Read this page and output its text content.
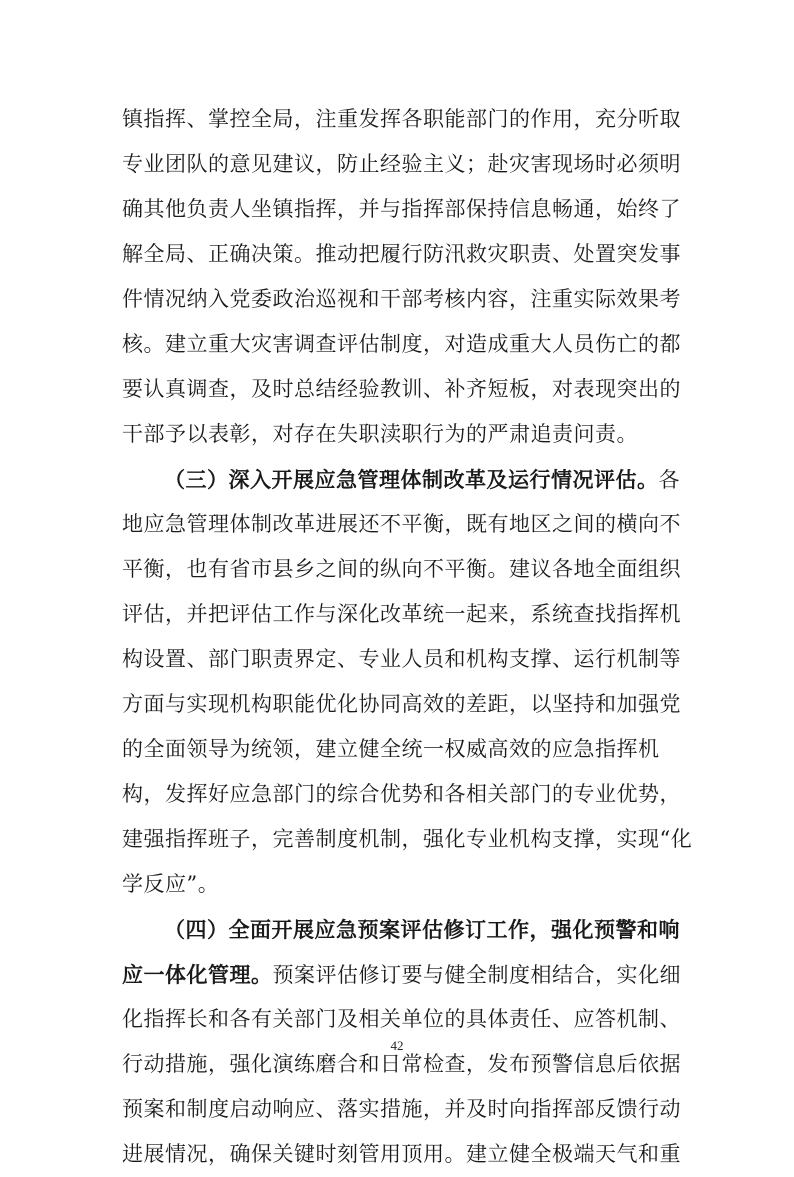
镇指挥、掌控全局，注重发挥各职能部门的作用，充分听取
专业团队的意见建议，防止经验主义；赴灾害现场时必须明
确其他负责人坐镇指挥，并与指挥部保持信息畅通，始终了
解全局、正确决策。推动把履行防汛救灾职责、处置突发事
件情况纳入党委政治巡视和干部考核内容，注重实际效果考
核。建立重大灾害调查评估制度，对造成重大人员伤亡的都
要认真调查，及时总结经验教训、补齐短板，对表现突出的
干部予以表彰，对存在失职渎职行为的严肃追责问责。
（三）深入开展应急管理体制改革及运行情况评估。各
地应急管理体制改革进展还不平衡，既有地区之间的横向不
平衡，也有省市县乡之间的纵向不平衡。建议各地全面组织
评估，并把评估工作与深化改革统一起来，系统查找指挥机
构设置、部门职责界定、专业人员和机构支撑、运行机制等
方面与实现机构职能优化协同高效的差距，以坚持和加强党
的全面领导为统领，建立健全统一权威高效的应急指挥机
构，发挥好应急部门的综合优势和各相关部门的专业优势，
建强指挥班子，完善制度机制，强化专业机构支撑，实现“化
学反应”。
（四）全面开展应急预案评估修订工作，强化预警和响
应一体化管理。预案评估修订要与健全制度相结合，实化细
化指挥长和各有关部门及相关单位的具体责任、应答机制、
行动措施，强化演练磨合和日常检查，发布预警信息后依据
预案和制度启动响应、落实措施，并及时向指挥部反馈行动
进展情况，确保关键时刻管用顶用。建立健全极端天气和重
42
